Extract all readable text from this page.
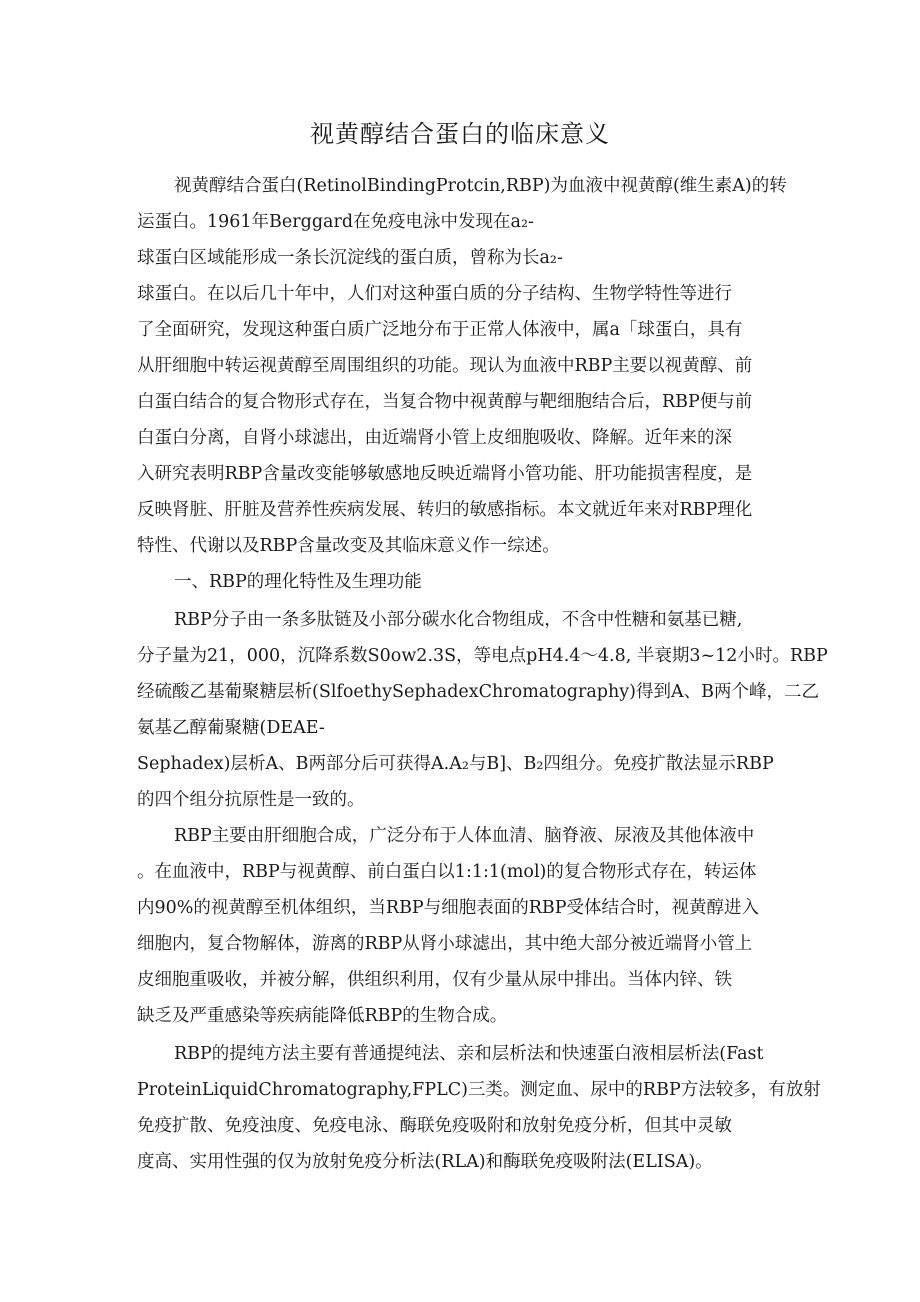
视黄醇结合蛋白的临床意义
视黄醇结合蛋白(RetinolBindingProtcin,RBP)为血液中视黄醇(维生素A)的转
运蛋白。1961年Berggard在免疫电泳中发现在a₂-
球蛋白区域能形成一条长沉淀线的蛋白质，曾称为长a₂-
球蛋白。在以后几十年中，人们对这种蛋白质的分子结构、生物学特性等进行
了全面研究，发现这种蛋白质广泛地分布于正常人体液中，属a「球蛋白，具有
从肝细胞中转运视黄醇至周围组织的功能。现认为血液中RBP主要以视黄醇、前
白蛋白结合的复合物形式存在，当复合物中视黄醇与靶细胞结合后，RBP便与前
白蛋白分离，自肾小球滤出，由近端肾小管上皮细胞吸收、降解。近年来的深
入研究表明RBP含量改变能够敏感地反映近端肾小管功能、肝功能损害程度，是
反映肾脏、肝脏及营养性疾病发展、转归的敏感指标。本文就近年来对RBP理化
特性、代谢以及RBP含量改变及其临床意义作一综述。
一、RBP的理化特性及生理功能
RBP分子由一条多肽链及小部分碳水化合物组成，不含中性糖和氨基已糖,
分子量为21，000，沉降系数S0ow2.3S，等电点pH4.4〜4.8, 半衰期3~12小时。RBP
经硫酸乙基葡聚糖层析(SlfoethySephadexChromatography)得到A、B两个峰，二乙
氨基乙醇葡聚糖(DEAE-
Sephadex)层析A、B两部分后可获得A.A₂与B]、B₂四组分。免疫扩散法显示RBP
的四个组分抗原性是一致的。
RBP主要由肝细胞合成，广泛分布于人体血清、脑脊液、尿液及其他体液中
。在血液中，RBP与视黄醇、前白蛋白以1:1:1(mol)的复合物形式存在，转运体
内90%的视黄醇至机体组织，当RBP与细胞表面的RBP受体结合时，视黄醇进入
细胞内，复合物解体，游离的RBP从肾小球滤出，其中绝大部分被近端肾小管上
皮细胞重吸收，并被分解，供组织利用，仅有少量从尿中排出。当体内锌、铁
缺乏及严重感染等疾病能降低RBP的生物合成。
RBP的提纯方法主要有普通提纯法、亲和层析法和快速蛋白液相层析法(Fast
ProteinLiquidChromatography,FPLC)三类。测定血、尿中的RBP方法较多，有放射
免疫扩散、免疫浊度、免疫电泳、酶联免疫吸附和放射免疫分析，但其中灵敏
度高、实用性强的仅为放射免疫分析法(RLA)和酶联免疫吸附法(ELISA)。
